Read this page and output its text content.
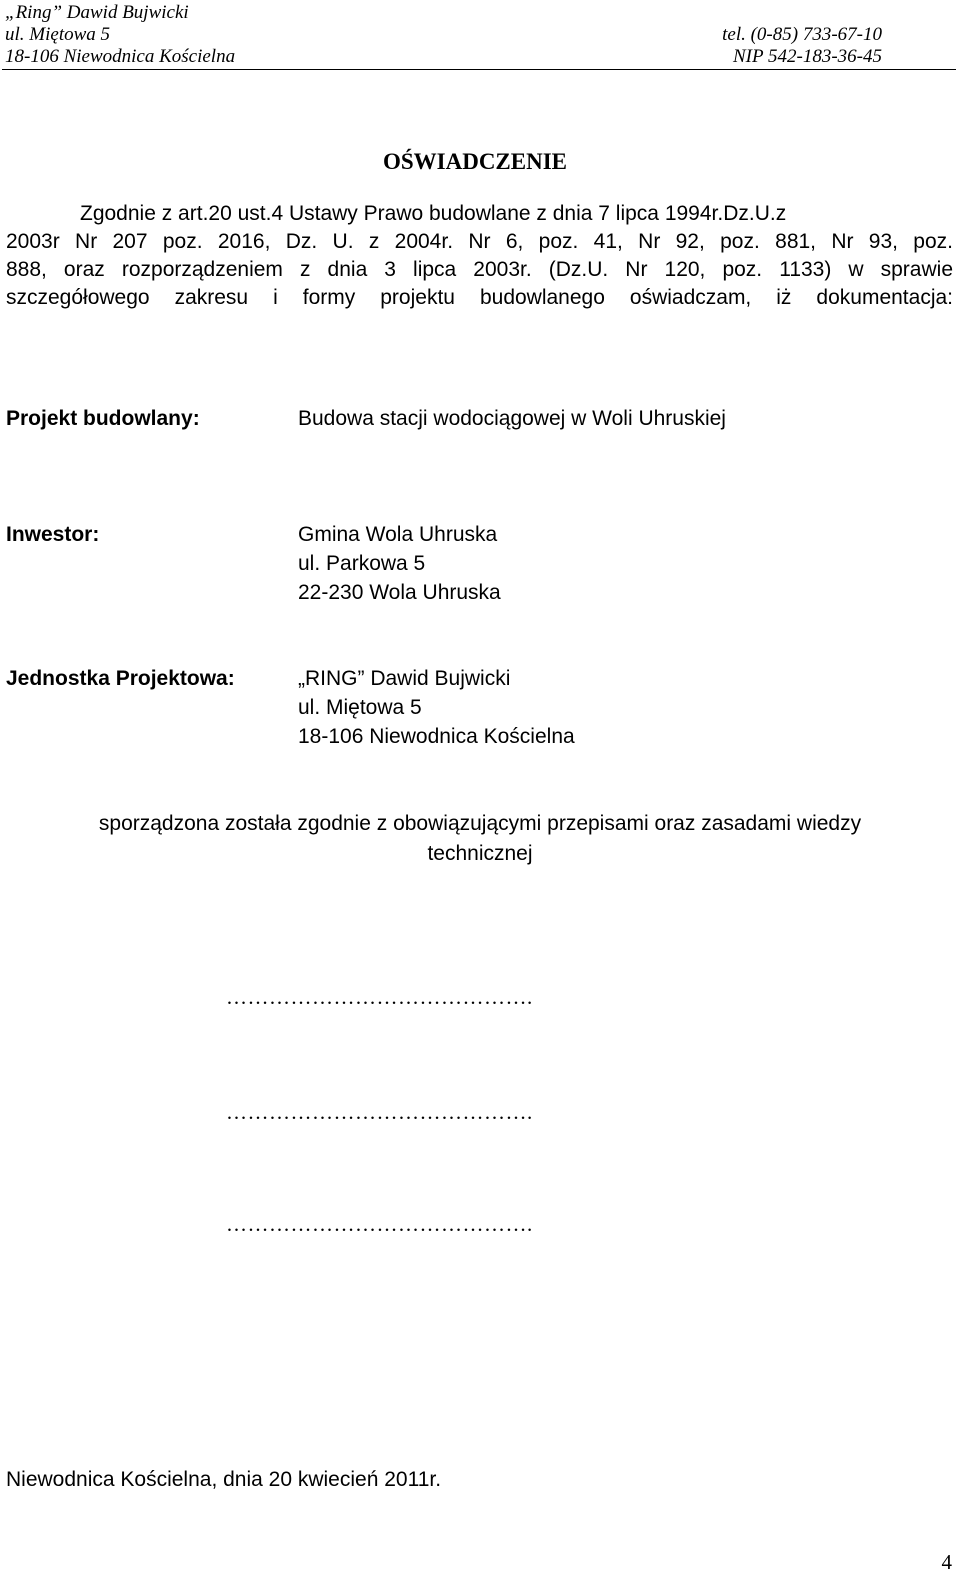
„Ring” Dawid Bujwicki
ul. Miętowa 5
18-106 Niewodnica Kościelna
tel. (0-85) 733-67-10
NIP 542-183-36-45
OŚWIADCZENIE
Zgodnie z art.20 ust.4 Ustawy Prawo budowlane z dnia 7 lipca 1994r.Dz.U.z
2003r Nr 207 poz. 2016, Dz. U. z 2004r. Nr 6, poz. 41, Nr 92, poz. 881, Nr 93, poz.
888, oraz rozporządzeniem z dnia 3 lipca 2003r. (Dz.U. Nr 120, poz. 1133) w sprawie
szczegółowego zakresu i formy projektu budowlanego oświadczam, iż dokumentacja:
Projekt budowlany:	Budowa stacji wodociągowej w Woli Uhruskiej
Inwestor:	Gmina Wola Uhruska
ul. Parkowa 5
22-230 Wola Uhruska
Jednostka Projektowa:	„RING” Dawid Bujwicki
ul. Miętowa 5
18-106 Niewodnica Kościelna
sporządzona została zgodnie z obowiązującymi przepisami oraz zasadami wiedzy
technicznej
…………………………………….
…………………………………….
…………………………………….
Niewodnica Kościelna, dnia 20 kwiecień 2011r.
4
